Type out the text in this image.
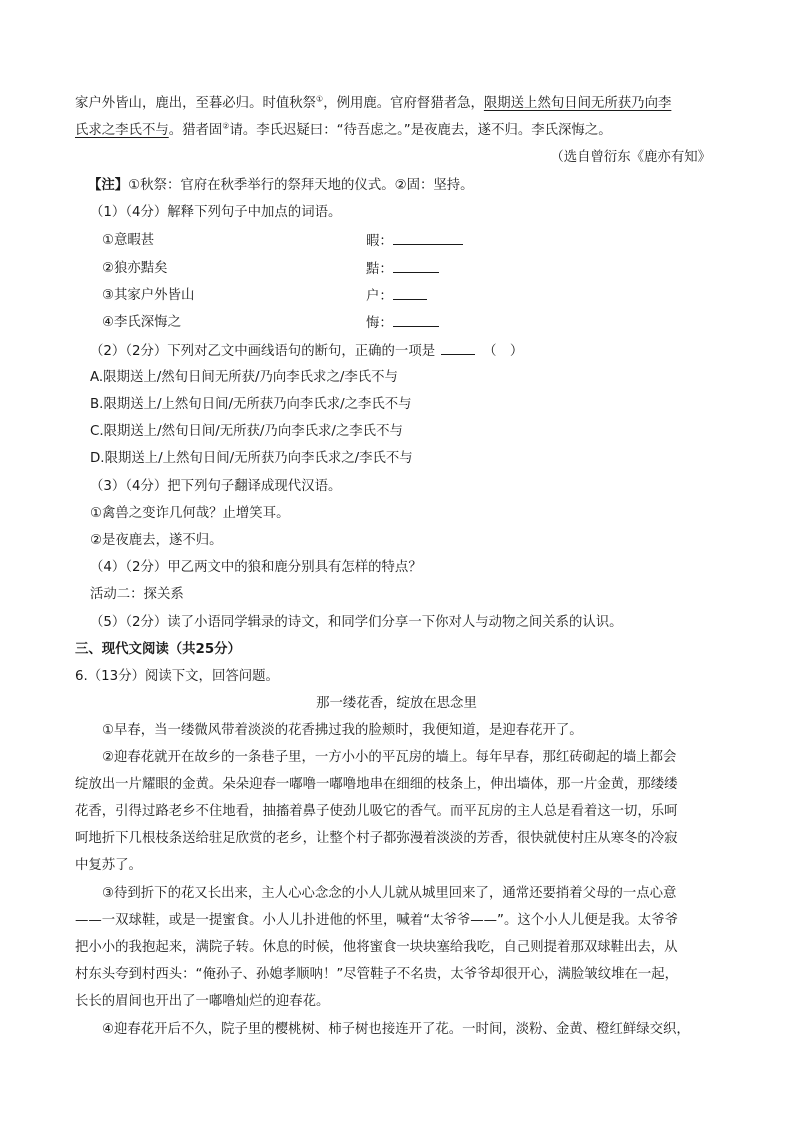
家户外皆山，鹿出，至暮必归。时值秋祭①，例用鹿。官府督猎者急，限期送上然旬日间无所获乃向李
氏求之李氏不与。猎者固②请。李氏迟疑曰：“待吾虑之。”是夜鹿去，遂不归。李氏深悔之。
（选自曾衍东《鹿亦有知》
【注】①秋祭：官府在秋季举行的祭拜天地的仪式。②固：坚持。
（1）（4分）解释下列句子中加点的词语。
①意暇甚	暇：
②狼亦黠矣	黠：
③其家户外皆山	户：
④李氏深悔之	悔：
（2）（2分）下列对乙文中画线语句的断句，正确的一项是	（　）
A.限期送上/然旬日间无所获/乃向李氏求之/李氏不与
B.限期送上/上然旬日间/无所获乃向李氏求/之李氏不与
C.限期送上/然旬日间/无所获/乃向李氏求/之李氏不与
D.限期送上/上然旬日间/无所获乃向李氏求之/李氏不与
（3）（4分）把下列句子翻译成现代汉语。
①禽兽之变诈几何哉？止增笑耳。
②是夜鹿去，遂不归。
（4）（2分）甲乙两文中的狼和鹿分别具有怎样的特点？
活动二：探关系
（5）（2分）读了小语同学辑录的诗文，和同学们分享一下你对人与动物之间关系的认识。
三、现代文阅读（共25分）
6.（13分）阅读下文，回答问题。
那一缕花香，绽放在思念里
①早春，当一缕微风带着淡淡的花香拂过我的脸颊时，我便知道，是迎春花开了。
②迎春花就开在故乡的一条巷子里，一方小小的平瓦房的墙上。每年早春，那红砖砌起的墙上都会
绽放出一片耀眼的金黄。朵朵迎春一嘟噜一嘟噜地串在细细的枝条上，伸出墙体，那一片金黄，那缕缕
花香，引得过路老乡不住地看，抽搐着鼻子使劲儿吸它的香气。而平瓦房的主人总是看着这一切，乐呵
呵地折下几根枝条送给驻足欣赏的老乡，让整个村子都弥漫着淡淡的芳香，很快就使村庄从寒冬的冷寂
中复苏了。
③待到折下的花又长出来，主人心心念念的小人儿就从城里回来了，通常还要捎着父母的一点心意
——一双球鞋，或是一提蜜食。小人儿扑进他的怀里，喊着“太爷爷——”。这个小人儿便是我。太爷爷
把小小的我抱起来，满院子转。休息的时候，他将蜜食一块块塞给我吃，自己则提着那双球鞋出去，从
村东头夸到村西头：“俺孙子、孙媳孝顺呐！”尽管鞋子不名贵，太爷爷却很开心，满脸皱纹堆在一起，
长长的眉间也开出了一嘟噜灿烂的迎春花。
④迎春花开后不久，院子里的樱桃树、柿子树也接连开了花。一时间，淡粉、金黄、橙红鲜绿交织，
